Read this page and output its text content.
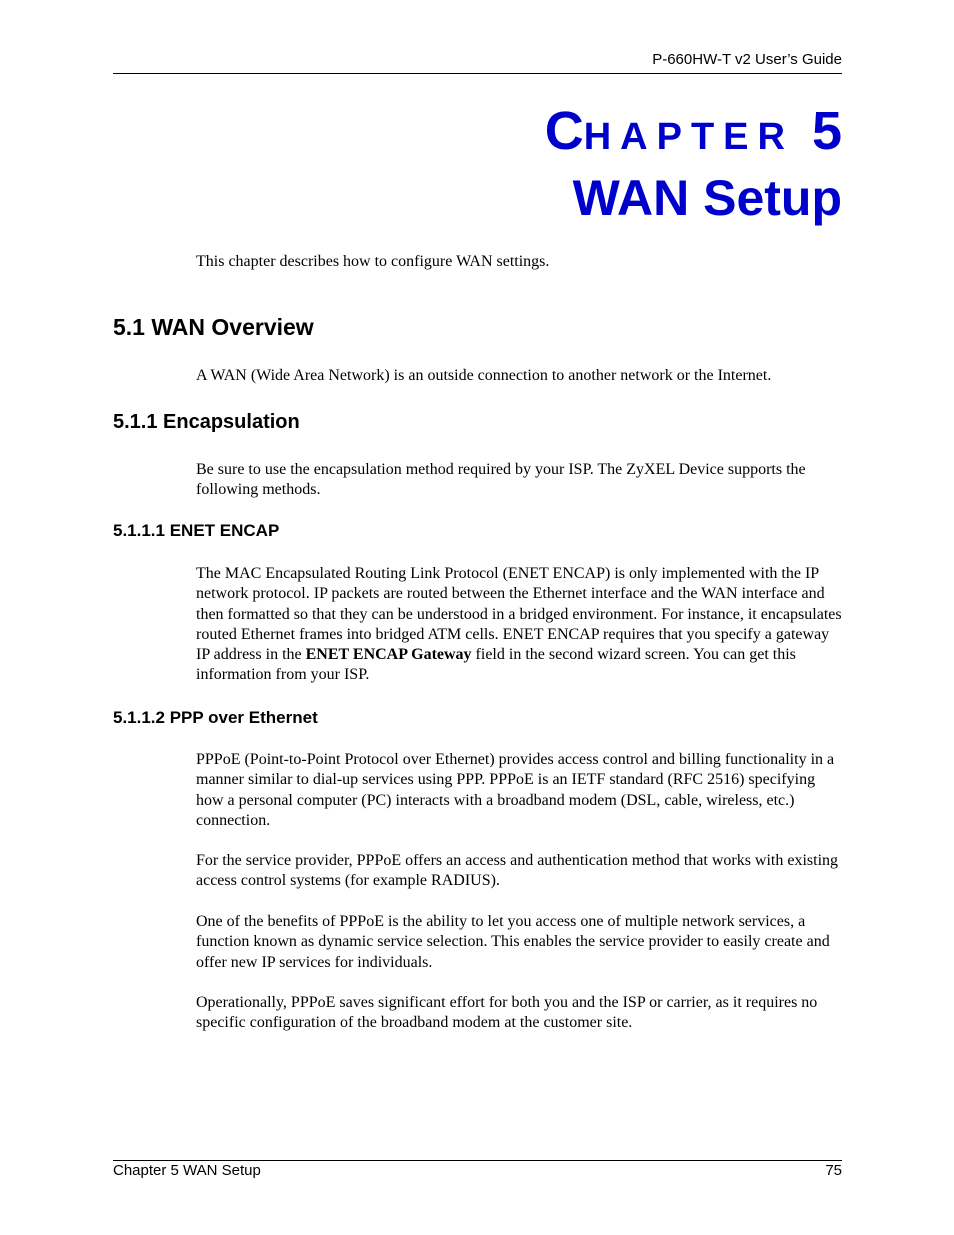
P-660HW-T v2 User’s Guide
CHAPTER 5
WAN Setup
This chapter describes how to configure WAN settings.
5.1 WAN Overview
A WAN (Wide Area Network) is an outside connection to another network or the Internet.
5.1.1 Encapsulation
Be sure to use the encapsulation method required by your ISP. The ZyXEL Device supports the following methods.
5.1.1.1 ENET ENCAP
The MAC Encapsulated Routing Link Protocol (ENET ENCAP) is only implemented with the IP network protocol. IP packets are routed between the Ethernet interface and the WAN interface and then formatted so that they can be understood in a bridged environment. For instance, it encapsulates routed Ethernet frames into bridged ATM cells. ENET ENCAP requires that you specify a gateway IP address in the ENET ENCAP Gateway field in the second wizard screen. You can get this information from your ISP.
5.1.1.2 PPP over Ethernet
PPPoE (Point-to-Point Protocol over Ethernet) provides access control and billing functionality in a manner similar to dial-up services using PPP. PPPoE is an IETF standard (RFC 2516) specifying how a personal computer (PC) interacts with a broadband modem (DSL, cable, wireless, etc.) connection.
For the service provider, PPPoE offers an access and authentication method that works with existing access control systems (for example RADIUS).
One of the benefits of PPPoE is the ability to let you access one of multiple network services, a function known as dynamic service selection. This enables the service provider to easily create and offer new IP services for individuals.
Operationally, PPPoE saves significant effort for both you and the ISP or carrier, as it requires no specific configuration of the broadband modem at the customer site.
Chapter 5 WAN Setup	75
